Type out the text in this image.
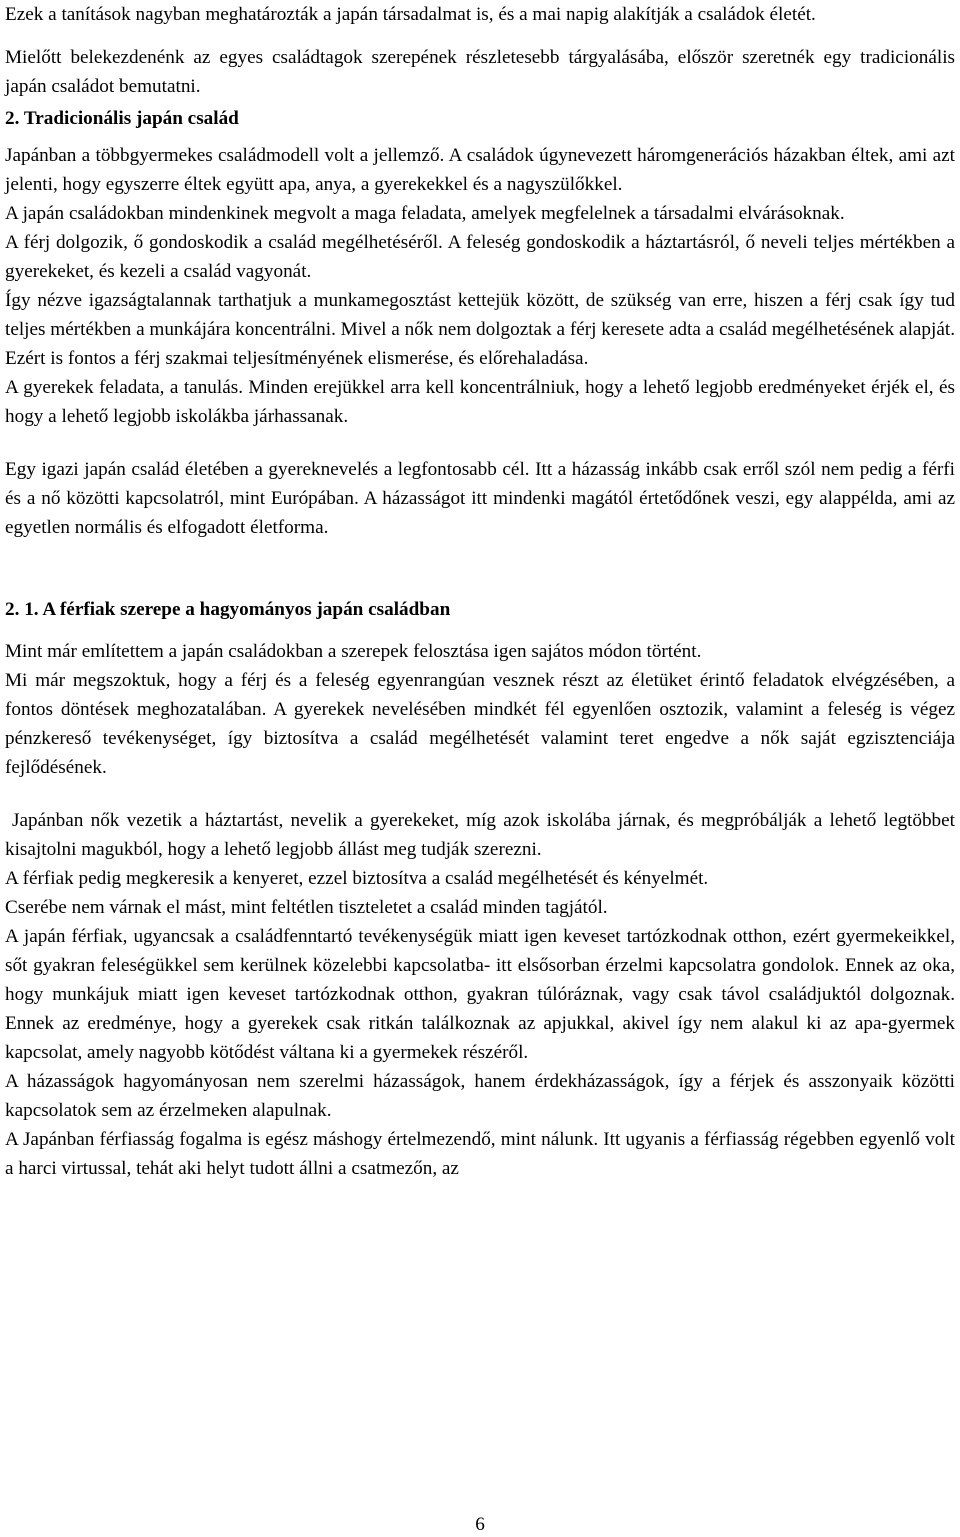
Ezek a tanítások nagyban meghatározták a japán társadalmat is, és a mai napig alakítják a családok életét.

Mielőtt belekezdenénk az egyes családtagok szerepének részletesebb tárgyalásába, először szeretnék egy tradicionális japán családot bemutatni.

2. Tradicionális japán család

Japánban a többgyermekes családmodell volt a jellemző. A családok úgynevezett háromgenerációs házakban éltek, ami azt jelenti, hogy egyszerre éltek együtt apa, anya, a gyerekekkel és a nagyszülőkkel.

A japán családokban mindenkinek megvolt a maga feladata, amelyek megfelelnek a társadalmi elvárásoknak.

A férj dolgozik, ő gondoskodik a család megélhetéséről. A feleség gondoskodik a háztartásról, ő neveli teljes mértékben a gyerekeket, és kezeli a család vagyonát.

Így nézve igazságtalannak tarthatjuk a munkamegosztást kettejük között, de szükség van erre, hiszen a férj csak így tud teljes mértékben a munkájára koncentrálni. Mivel a nők nem dolgoztak a férj keresete adta a család megélhetésének alapját. Ezért is fontos a férj szakmai teljesítményének elismerése, és előrehaladása.

A gyerekek feladata, a tanulás. Minden erejükkel arra kell koncentrálniuk, hogy a lehető legjobb eredményeket érjék el, és hogy a lehető legjobb iskolákba járhassanak.

Egy igazi japán család életében a gyereknevelés a legfontosabb cél. Itt a házasság inkább csak erről szól nem pedig a férfi és a nő közötti kapcsolatról, mint Európában. A házasságot itt mindenki magától értetődőnek veszi, egy alappélda, ami az egyetlen normális és elfogadott életforma.

2. 1. A férfiak szerepe a hagyományos japán családban

Mint már említettem a japán családokban a szerepek felosztása igen sajátos módon történt.

Mi már megszoktuk, hogy a férj és a feleség egyenrangúan vesznek részt az életüket érintő feladatok elvégzésében, a fontos döntések meghozatalában. A gyerekek nevelésében mindkét fél egyenlően osztozik, valamint a feleség is végez pénzkereső tevékenységet, így biztosítva a család megélhetését valamint teret engedve a nők saját egzisztenciája fejlődésének.

Japánban nők vezetik a háztartást, nevelik a gyerekeket, míg azok iskolába járnak, és megpróbálják a lehető legtöbbet kisajtolni magukból, hogy a lehető legjobb állást meg tudják szerezni.

A férfiak pedig megkeresik a kenyeret, ezzel biztosítva a család megélhetését és kényelmét.

Cserébe nem várnak el mást, mint feltétlen tiszteletet a család minden tagjától.

A japán férfiak, ugyancsak a családfenntartó tevékenységük miatt igen keveset tartózkodnak otthon, ezért gyermekeikkel, sőt gyakran feleségükkel sem kerülnek közelebbi kapcsolatba- itt elsősorban érzelmi kapcsolatra gondolok. Ennek az oka, hogy munkájuk miatt igen keveset tartózkodnak otthon, gyakran túlóráznak, vagy csak távol családjuktól dolgoznak. Ennek az eredménye, hogy a gyerekek csak ritkán találkoznak az apjukkal, akivel így nem alakul ki az apa-gyermek kapcsolat, amely nagyobb kötődést váltana ki a gyermekek részéről.

A házasságok hagyományosan nem szerelmi házasságok, hanem érdekházasságok, így a férjek és asszonyaik közötti kapcsolatok sem az érzelmeken alapulnak.

A Japánban férfiasság fogalma is egész máshogy értelmezendő, mint nálunk. Itt ugyanis a férfiasság régebben egyenlő volt a harci virtussal, tehát aki helyt tudott állni a csatmezőn, az

6
